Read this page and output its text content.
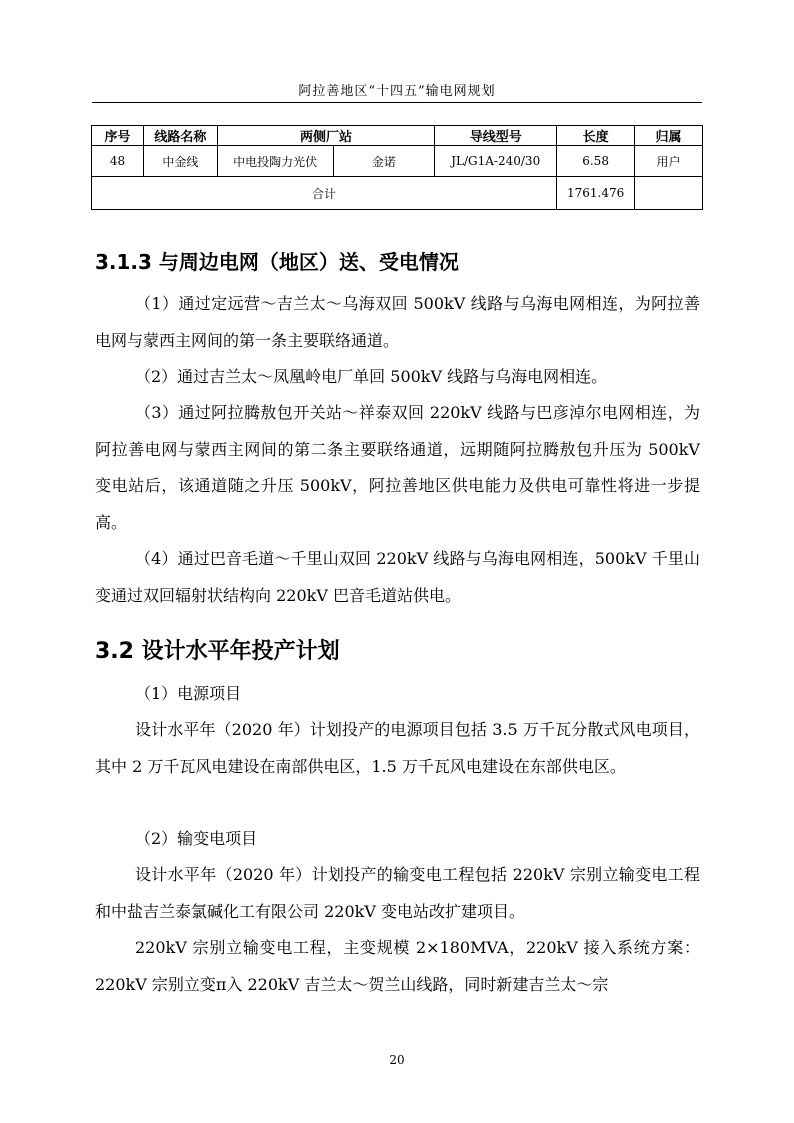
阿拉善地区“十四五”输电网规划
序号	线路名称	两侧厂站		导线型号	长度	归属
48	中金线	中电投陶力光伏	金诺	JL/G1A-240/30	6.58	用户
合计					1761.476	
3.1.3 与周边电网（地区）送、受电情况

（1）通过定远营～吉兰太～乌海双回 500kV 线路与乌海电网相连，为阿拉善电网与蒙西主网间的第一条主要联络通道。

（2）通过吉兰太～凤凰岭电厂单回 500kV 线路与乌海电网相连。

（3）通过阿拉腾敖包开关站～祥泰双回 220kV 线路与巴彦淖尔电网相连，为阿拉善电网与蒙西主网间的第二条主要联络通道，远期随阿拉腾敖包升压为 500kV 变电站后，该通道随之升压 500kV，阿拉善地区供电能力及供电可靠性将进一步提高。

（4）通过巴音毛道～千里山双回 220kV 线路与乌海电网相连，500kV 千里山变通过双回辐射状结构向 220kV 巴音毛道站供电。

3.2 设计水平年投产计划

（1）电源项目

设计水平年（2020 年）计划投产的电源项目包括 3.5 万千瓦分散式风电项目，其中 2 万千瓦风电建设在南部供电区，1.5 万千瓦风电建设在东部供电区。

（2）输变电项目

设计水平年（2020 年）计划投产的输变电工程包括 220kV 宗别立输变电工程和中盐吉兰泰氯碱化工有限公司 220kV 变电站改扩建项目。

220kV 宗别立输变电工程，主变规模 2×180MVA，220kV 接入系统方案：220kV 宗别立变π入 220kV 吉兰太～贺兰山线路，同时新建吉兰太～宗

20
